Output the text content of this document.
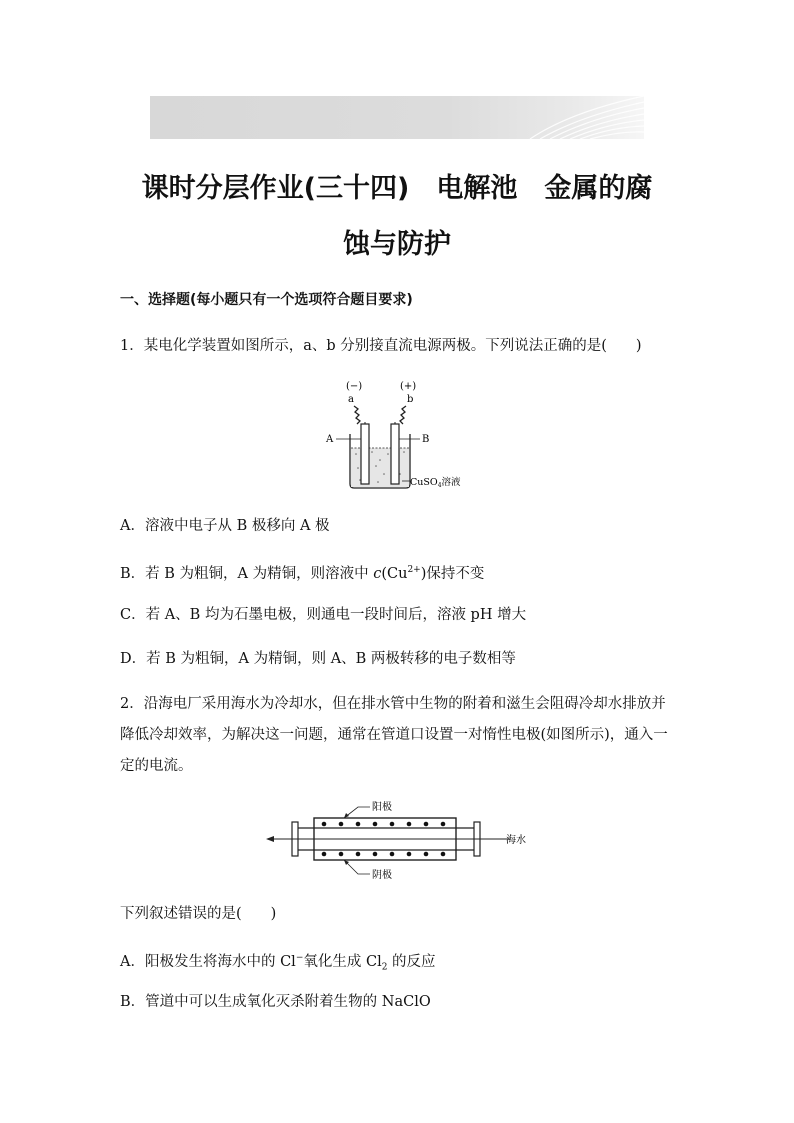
课时分层作业(三十四)　电解池　金属的腐
蚀与防护
一、选择题(每小题只有一个选项符合题目要求)
1．某电化学装置如图所示，a、b 分别接直流电源两极。下列说法正确的是(　　)
(−)	(+)
a	b
A	B
CuSO$_4$溶液
A．溶液中电子从 B 极移向 A 极
B．若 B 为粗铜，A 为精铜，则溶液中 $c(Cu^{2+})$保持不变
C．若 A、B 均为石墨电极，则通电一段时间后，溶液 pH 增大
D．若 B 为粗铜，A 为精铜，则 A、B 两极转移的电子数相等
2．沿海电厂采用海水为冷却水，但在排水管中生物的附着和滋生会阻碍冷却水排放并降低冷却效率，为解决这一问题，通常在管道口设置一对惰性电极(如图所示)，通入一定的电流。
阳极
阴极
海水
下列叙述错误的是(　　)
A．阳极发生将海水中的 Cl−氧化生成 $Cl_2$ 的反应
B．管道中可以生成氧化灭杀附着生物的 NaClO
